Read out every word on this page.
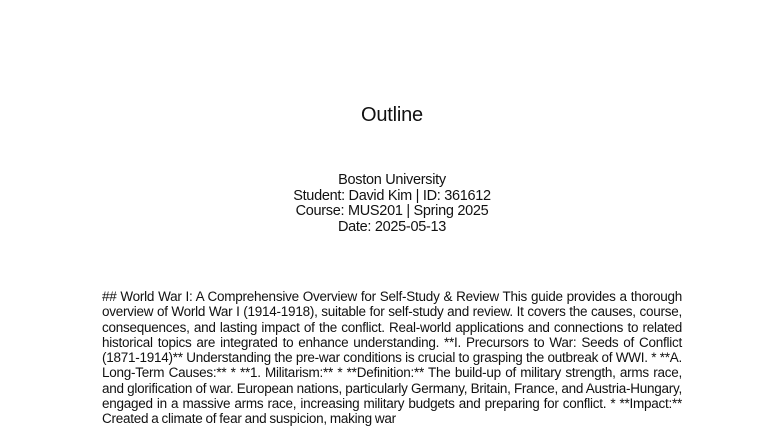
Outline
Boston University
Student: David Kim | ID: 361612
Course: MUS201 | Spring 2025
Date: 2025-05-13
## World War I: A Comprehensive Overview for Self-Study & Review This guide provides a thorough overview of World War I (1914-1918), suitable for self-study and review. It covers the causes, course, consequences, and lasting impact of the conflict. Real-world applications and connections to related historical topics are integrated to enhance understanding. **I. Precursors to War: Seeds of Conflict (1871-1914)** Understanding the pre-war conditions is crucial to grasping the outbreak of WWI. * **A. Long-Term Causes:** * **1. Militarism:** * **Definition:** The build-up of military strength, arms race, and glorification of war. European nations, particularly Germany, Britain, France, and Austria-Hungary, engaged in a massive arms race, increasing military budgets and preparing for conflict. * **Impact:** Created a climate of fear and suspicion, making war
